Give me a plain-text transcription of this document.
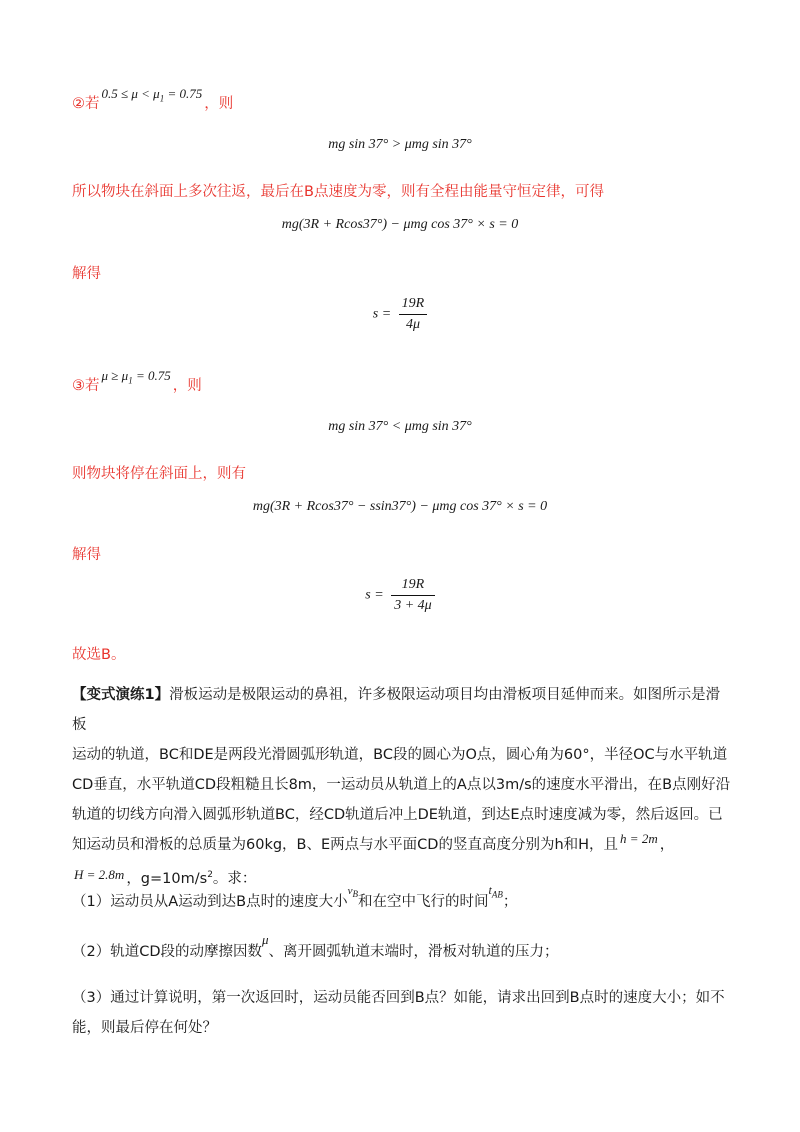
②若$0.5 \le \mu < \mu_1 = 0.75$，则
mg sin 37° > μmg sin 37°
所以物块在斜面上多次往返，最后在B点速度为零，则有全程由能量守恒定律，可得
mg(3R + Rcos37°) − μmg cos 37° × s = 0
解得
$s = \frac{19R}{4\mu}$
③若$\mu \ge \mu_1 = 0.75$，则
mg sin 37° < μmg sin 37°
则物块将停在斜面上，则有
mg(3R + Rcos37° − ssin37°) − μmg cos 37° × s = 0
解得
$s = \frac{19R}{3 + 4\mu}$
故选B。

【变式演练1】滑板运动是极限运动的鼻祖，许多极限运动项目均由滑板项目延伸而来。如图所示是滑板

运动的轨道，BC和DE是两段光滑圆弧形轨道，BC段的圆心为O点，圆心角为60°，半径OC与水平轨道

CD垂直，水平轨道CD段粗糙且长8m，一运动员从轨道上的A点以3m/s的速度水平滑出，在B点刚好沿

轨道的切线方向滑入圆弧形轨道BC，经CD轨道后冲上DE轨道，到达E点时速度减为零，然后返回。已

知运动员和滑板的总质量为60kg，B、E两点与水平面CD的竖直高度分别为h和H，且 h = 2m ，

H = 2.8m ，$g=10m/s^2$。求：

（1）运动员从A运动到达B点时的速度大小$^{v_B}$和在空中飞行的时间$^{t_{AB}}$；
（2）轨道CD段的动摩擦因数μ、离开圆弧轨道末端时，滑板对轨道的压力；

（3）通过计算说明，第一次返回时，运动员能否回到B点？如能，请求出回到B点时的速度大小；如不

能，则最后停在何处？
